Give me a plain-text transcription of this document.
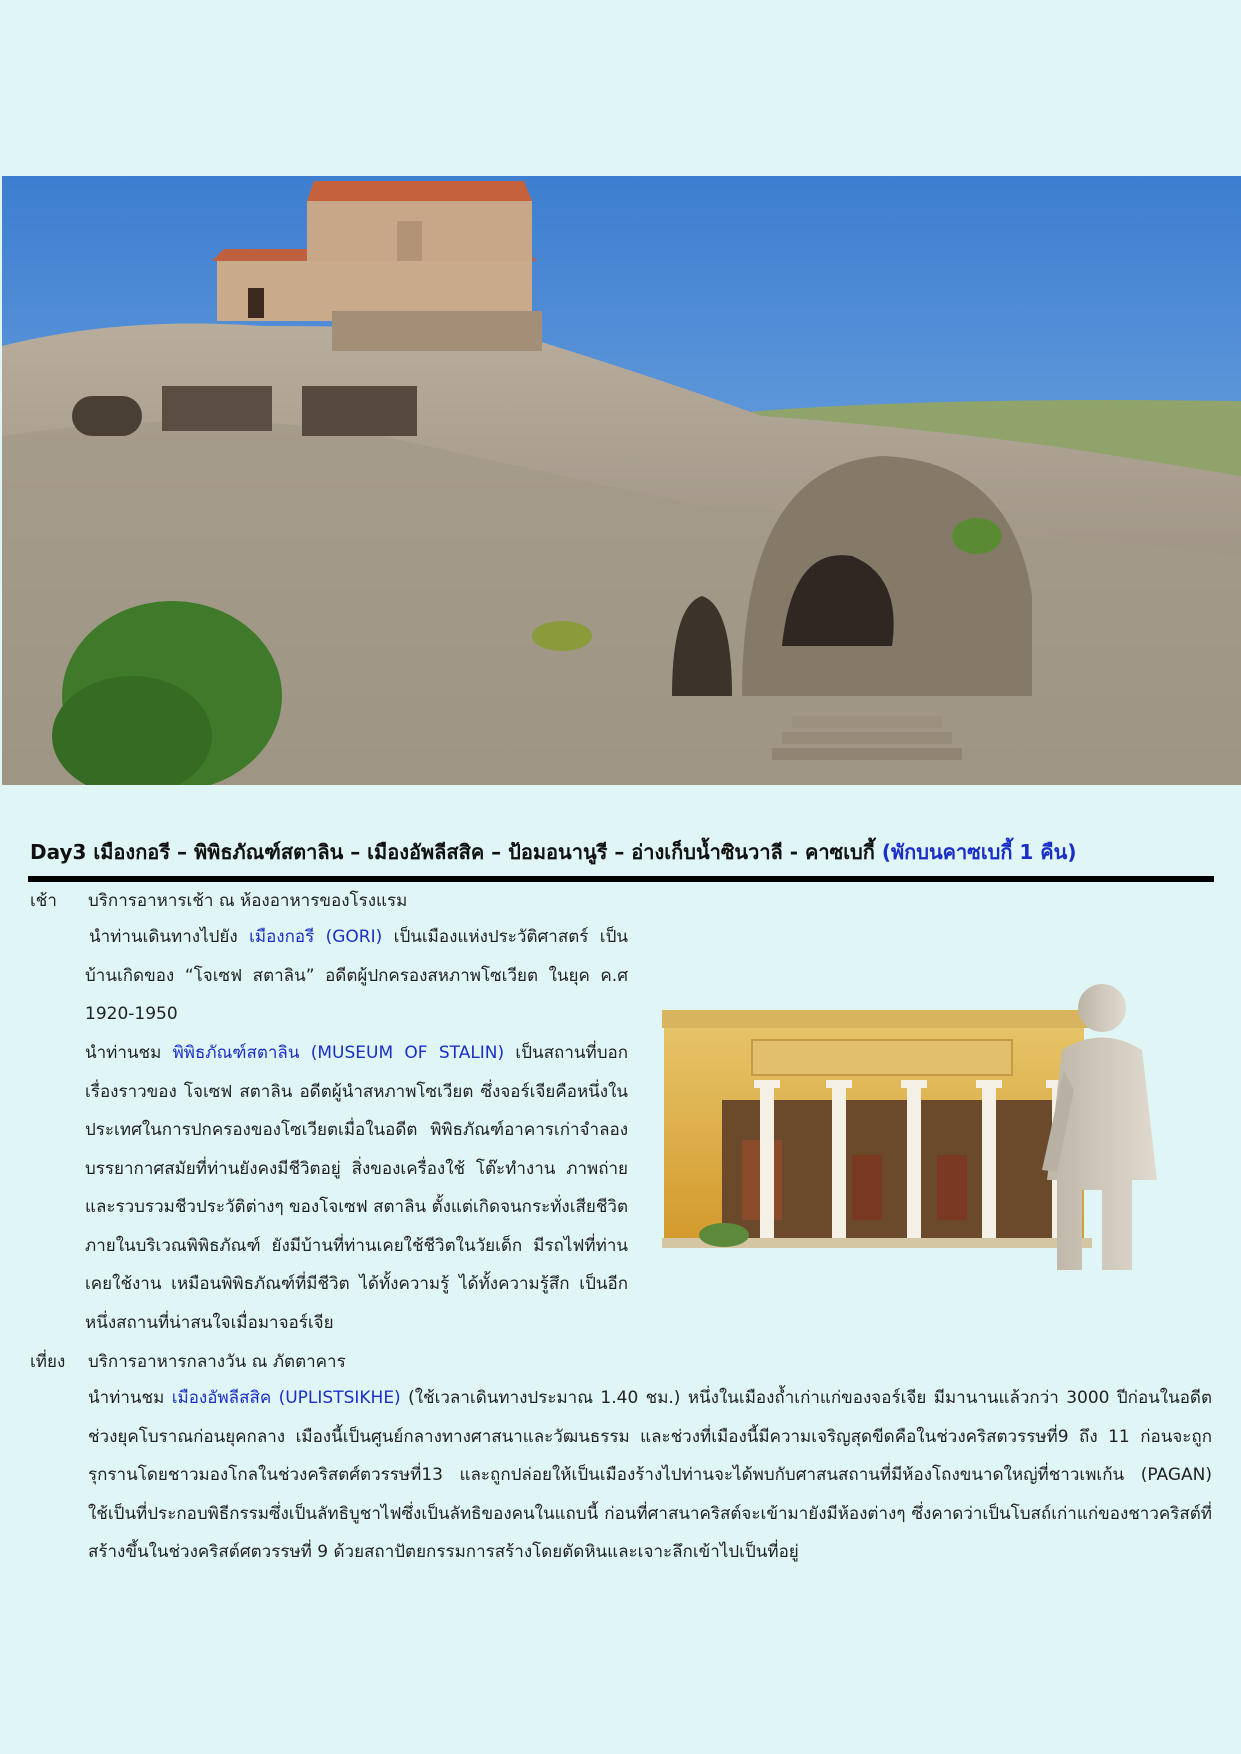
Day3 เมืองกอรี – พิพิธภัณฑ์สตาลิน – เมืองอัพลีสสิค – ป้อมอนานูรี – อ่างเก็บน้ำซินวาลี - คาซเบกี้ (พักบนคาซเบกี้ 1 คืน)
เช้า บริการอาหารเช้า ณ ห้องอาหารของโรงแรม
นำท่านเดินทางไปยัง เมืองกอรี (GORI) เป็นเมืองแห่งประวัติศาสตร์ เป็นบ้านเกิดของ “โจเซฟ สตาลิน” อดีตผู้ปกครองสหภาพโซเวียต ในยุค ค.ศ 1920-1950
นำท่านชม พิพิธภัณฑ์สตาลิน (MUSEUM OF STALIN) เป็นสถานที่บอกเรื่องราวของ โจเซฟ สตาลิน อดีตผู้นำสหภาพโซเวียต ซึ่งจอร์เจียคือหนึ่งในประเทศในการปกครองของโซเวียตเมื่อในอดีต พิพิธภัณฑ์อาคารเก่าจำลองบรรยากาศสมัยที่ท่านยังคงมีชีวิตอยู่ สิ่งของเครื่องใช้ โต๊ะทำงาน ภาพถ่าย และรวบรวมชีวประวัติต่างๆ ของโจเซฟ สตาลิน ตั้งแต่เกิดจนกระทั่งเสียชีวิต ภายในบริเวณพิพิธภัณฑ์ ยังมีบ้านที่ท่านเคยใช้ชีวิตในวัยเด็ก มีรถไฟที่ท่านเคยใช้งาน เหมือนพิพิธภัณฑ์ที่มีชีวิต ได้ทั้งความรู้ ได้ทั้งความรู้สึก เป็นอีกหนึ่งสถานที่น่าสนใจเมื่อมาจอร์เจีย
เที่ยง บริการอาหารกลางวัน ณ ภัตตาคาร
นำท่านชม เมืองอัพลีสสิค (UPLISTSIKHE) (ใช้เวลาเดินทางประมาณ 1.40 ชม.) หนึ่งในเมืองถ้ำเก่าแก่ของจอร์เจีย มีมานานแล้วกว่า 3000 ปีก่อนในอดีตช่วงยุคโบราณก่อนยุคกลาง เมืองนี้เป็นศูนย์กลางทางศาสนาและวัฒนธรรม และช่วงที่เมืองนี้มีความเจริญสุดขีดคือในช่วงคริสตวรรษที่9 ถึง 11 ก่อนจะถูกรุกรานโดยชาวมองโกลในช่วงคริสตศ์ตวรรษที่13 และถูกปล่อยให้เป็นเมืองร้างไปท่านจะได้พบกับศาสนสถานที่มีห้องโถงขนาดใหญ่ที่ชาวเพเก้น (PAGAN) ใช้เป็นที่ประกอบพิธีกรรมซึ่งเป็นลัทธิบูชาไฟซึ่งเป็นลัทธิของคนในแถบนี้ ก่อนที่ศาสนาคริสต์จะเข้ามายังมีห้องต่างๆ ซึ่งคาดว่าเป็นโบสถ์เก่าแก่ของชาวคริสต์ที่สร้างขึ้นในช่วงคริสต์ศตวรรษที่ 9 ด้วยสถาปัตยกรรมการสร้างโดยตัดหินและเจาะลึกเข้าไปเป็นที่อยู่
